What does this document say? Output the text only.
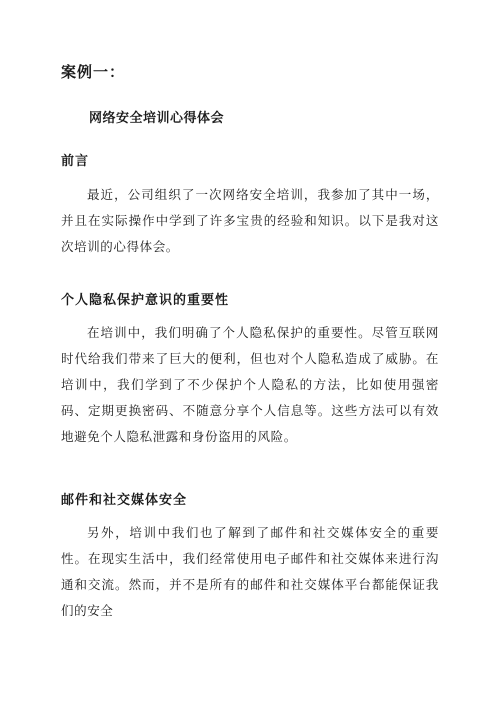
案例一：
网络安全培训心得体会
前言

最近，公司组织了一次网络安全培训，我参加了其中一场，并且在实际操作中学到了许多宝贵的经验和知识。以下是我对这次培训的心得体会。

个人隐私保护意识的重要性

在培训中，我们明确了个人隐私保护的重要性。尽管互联网时代给我们带来了巨大的便利，但也对个人隐私造成了威胁。在培训中，我们学到了不少保护个人隐私的方法，比如使用强密码、定期更换密码、不随意分享个人信息等。这些方法可以有效地避免个人隐私泄露和身份盗用的风险。

邮件和社交媒体安全

另外，培训中我们也了解到了邮件和社交媒体安全的重要性。在现实生活中，我们经常使用电子邮件和社交媒体来进行沟通和交流。然而，并不是所有的邮件和社交媒体平台都能保证我们的安全
